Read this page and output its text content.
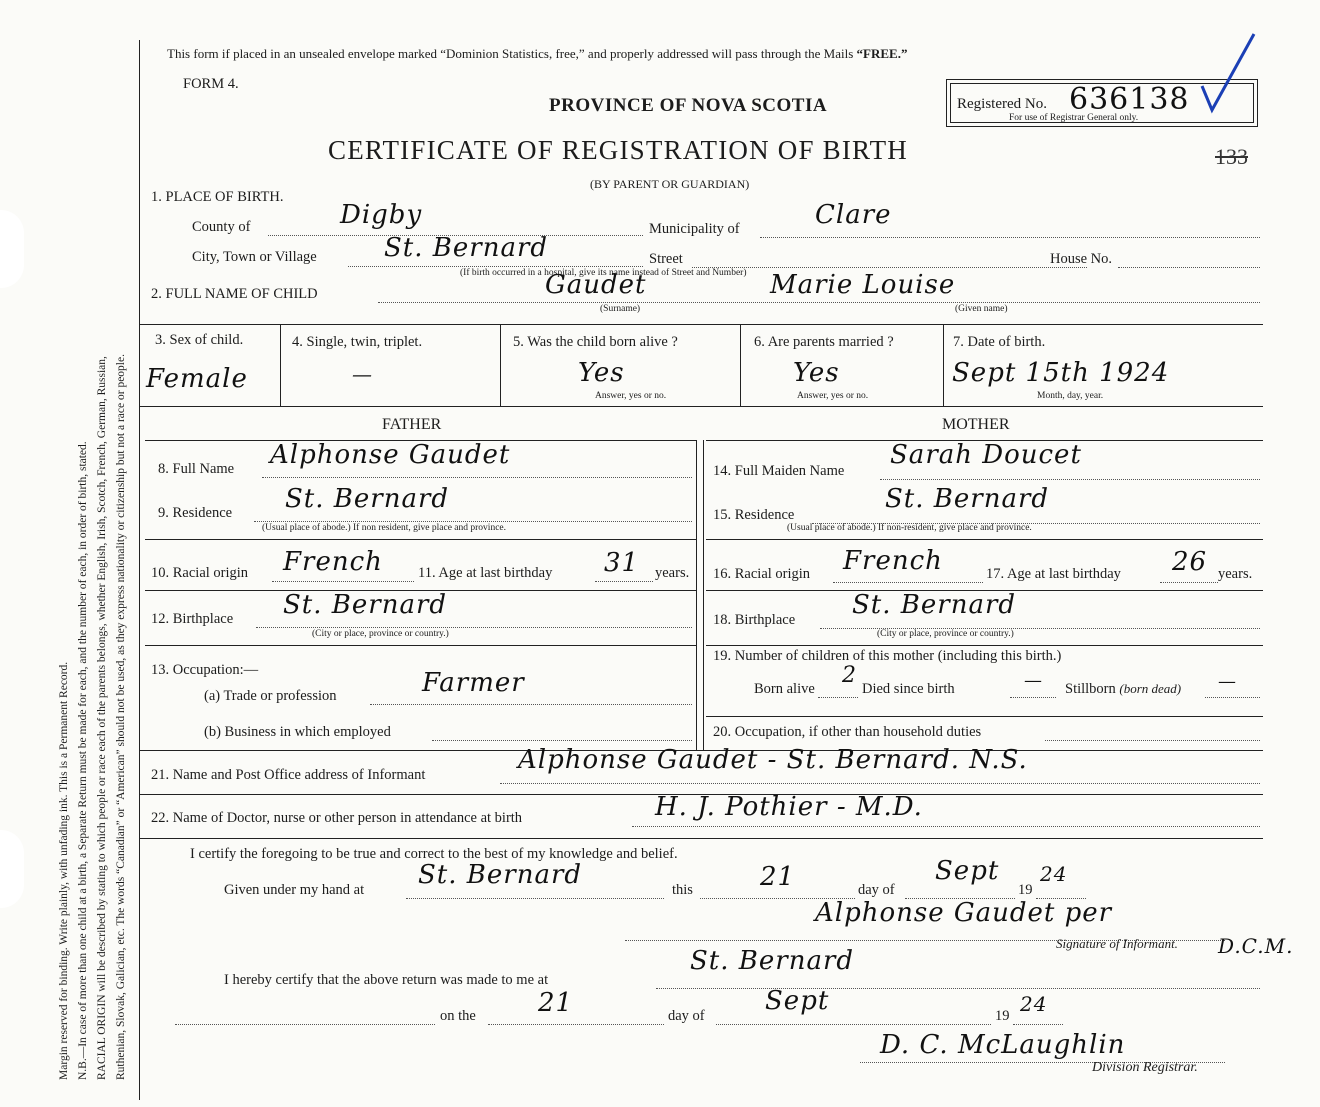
Margin reserved for binding. Write plainly, with unfading ink. This is a Permanent Record. N.B.—In case of more than one child at a birth, a Separate Return must be made for each, and the number of each, in order of birth, stated. RACIAL ORIGIN will be described by stating to which people or race each of the parents belongs, whether English, Irish, Scotch, French, German, Russian, Ruthenian, Slovak, Galician, etc. The words “Canadian” or “American” should not be used, as they express nationality or citizenship but not a race or people.
This form if placed in an unsealed envelope marked “Dominion Statistics, free,” and properly addressed will pass through the Mails “FREE.”
FORM 4.
PROVINCE OF NOVA SCOTIA
CERTIFICATE OF REGISTRATION OF BIRTH
(BY PARENT OR GUARDIAN)
Registered No. 636138
For use of Registrar General only.
133
1. PLACE OF BIRTH.
County of	Digby	Municipality of	Clare
City, Town or Village	St. Bernard	Street	House No.
(If birth occurred in a hospital, give its name instead of Street and Number)
2. FULL NAME OF CHILD	Gaudet	Marie Louise
(Surname)	(Given name)
3. Sex of child.
Female
4. Single, twin, triplet.
—
5. Was the child born alive ?
Yes
Answer, yes or no.
6. Are parents married ?
Yes
Answer, yes or no.
7. Date of birth.
Sept 15th 1924
Month, day, year.
FATHER	MOTHER
8. Full Name Alphonse Gaudet
9. Residence St. Bernard
(Usual place of abode.) If non resident, give place and province.
10. Racial origin French 11. Age at last birthday 31 years.
12. Birthplace St. Bernard
(City or place, province or country.)
13. Occupation:—
(a) Trade or profession	Farmer
(b) Business in which employed
14. Full Maiden Name
Sarah Doucet
15. Residence
St. Bernard
(Usual place of abode.) If non-resident, give place and province.
16. Racial origin French	17. Age at last birthday 26 years.
18. Birthplace St. Bernard
(City or place, province or country.)
19. Number of children of this mother (including this birth.)
Born alive
2
Died since birth	— Stillborn (born dead) —
20. Occupation, if other than household duties
21. Name and Post Office address of Informant	Alphonse Gaudet - St. Bernard. N.S.
22. Name of Doctor, nurse or other person in attendance at birth	H. J. Pothier - M.D.
I certify the foregoing to be true and correct to the best of my knowledge and belief.
Given under my hand at St. Bernard	this	21	day of
Sept
19
24
Alphonse Gaudet per
D.C.M.
Signature of Informant.
I hereby certify that the above return was made to me at
St. Bernard
on the 21	day of Sept	19 24
D. C. McLaughlin
Division Registrar.
